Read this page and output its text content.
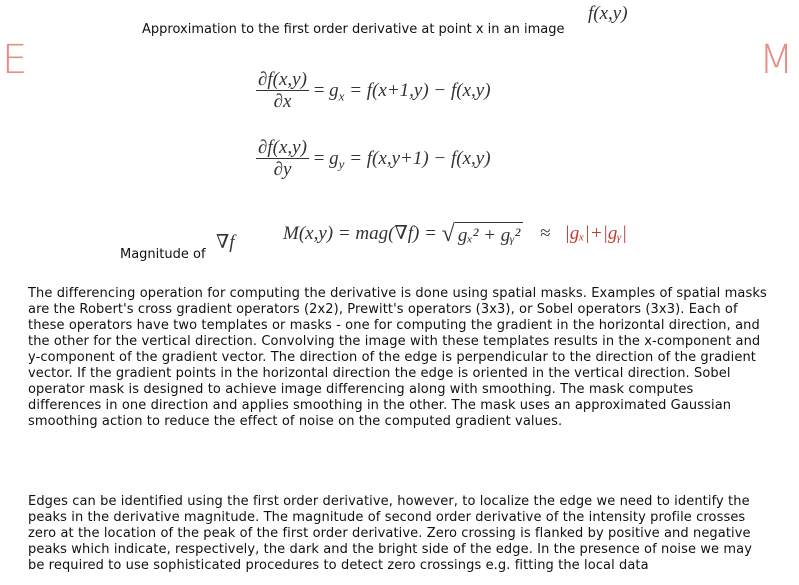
E	M
Approximation to the first order derivative at point x in an image
f(x,y)
$\frac{\partial f(x,y)}{\partial x} = g_x = f(x+1,y) - f(x,y)$
$\frac{\partial f(x,y)}{\partial y} = g_y = f(x,y+1) - f(x,y)$
Magnitude of
∇f	M(x,y) = mag(∇f) = √ gₓ² + gᵧ² ≈ |gₓ|+|gᵧ|
The differencing operation for computing the derivative is done using spatial masks. Examples of spatial masks are the Robert's cross gradient operators (2x2), Prewitt's operators (3x3), or Sobel operators (3x3). Each of these operators have two templates or masks - one for computing the gradient in the horizontal direction, and the other for the vertical direction. Convolving the image with these templates results in the x-component and y-component of the gradient vector. The direction of the edge is perpendicular to the direction of the gradient vector. If the gradient points in the horizontal direction the edge is oriented in the vertical direction. Sobel operator mask is designed to achieve image differencing along with smoothing. The mask computes differences in one direction and applies smoothing in the other. The mask uses an approximated Gaussian smoothing action to reduce the effect of noise on the computed gradient values.
Edges can be identified using the first order derivative, however, to localize the edge we need to identify the peaks in the derivative magnitude. The magnitude of second order derivative of the intensity profile crosses zero at the location of the peak of the first order derivative. Zero crossing is flanked by positive and negative peaks which indicate, respectively, the dark and the bright side of the edge. In the presence of noise we may be required to use sophisticated procedures to detect zero crossings e.g. fitting the local data
